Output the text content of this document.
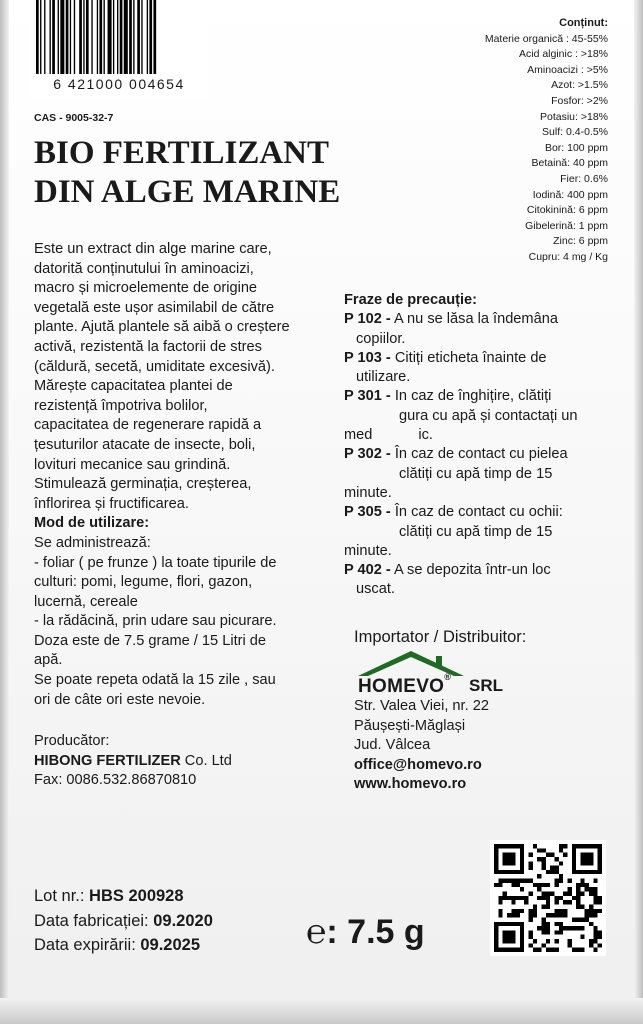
6 421000 004654
CAS - 9005-32-7
BIO FERTILIZANT
DIN ALGE MARINE
Conținut:
Materie organică : 45-55%
Acid alginic : >18%
Aminoacizi : >5%
Azot: >1.5%
Fosfor: >2%
Potasiu: >18%
Sulf: 0.4-0.5%
Bor: 100 ppm
Betaină: 40 ppm
Fier: 0.6%
Iodină: 400 ppm
Citokinină: 6 ppm
Gibelerină: 1 ppm
Zinc: 6 ppm
Cupru: 4 mg / Kg
Este un extract din alge marine care,
datorită conținutului în aminoacizi,
macro și microelemente de origine
vegetală este ușor asimilabil de către
plante. Ajută plantele să aibă o creștere
activă, rezistentă la factorii de stres
(căldură, secetă, umiditate excesivă).
Mărește capacitatea plantei de
rezistență împotriva bolilor,
capacitatea de regenerare rapidă a
țesuturilor atacate de insecte, boli,
lovituri mecanice sau grindină.
Stimulează germinația, creșterea,
înflorirea și fructificarea.

Mod de utilizare:

Se administrează:
- foliar ( pe frunze ) la toate tipurile de
culturi: pomi, legume, flori, gazon,
lucernă, cereale
- la rădăcină, prin udare sau picurare.
Doza este de 7.5 grame / 15 Litri de
apă.
Se poate repeta odată la 15 zile , sau
ori de câte ori este nevoie.

Fraze de precauție:

P 102 - A nu se lăsa la îndemâna

copiilor.

P 103 - Citiți eticheta înainte de

utilizare.

P 301 - In caz de înghițire, clătiți

gura cu apă și contactați un

med	ic.

P 302 - În caz de contact cu pielea

clătiți cu apă timp de 15

minute.

P 305 - În caz de contact cu ochii:

clătiți cu apă timp de 15

minute.

P 402 - A se depozita într-un loc

uscat.

Importator / Distribuitor:
HOMEVO® SRL
Str. Valea Viei, nr. 22
Păușești-Măglași
Jud. Vâlcea
office@homevo.ro
www.homevo.ro
Producător:
HIBONG FERTILIZER Co. Ltd
Fax: 0086.532.86870810
Lot nr.: HBS 200928
Data fabricației: 09.2020
Data expirării: 09.2025	℮: 7.5 g
